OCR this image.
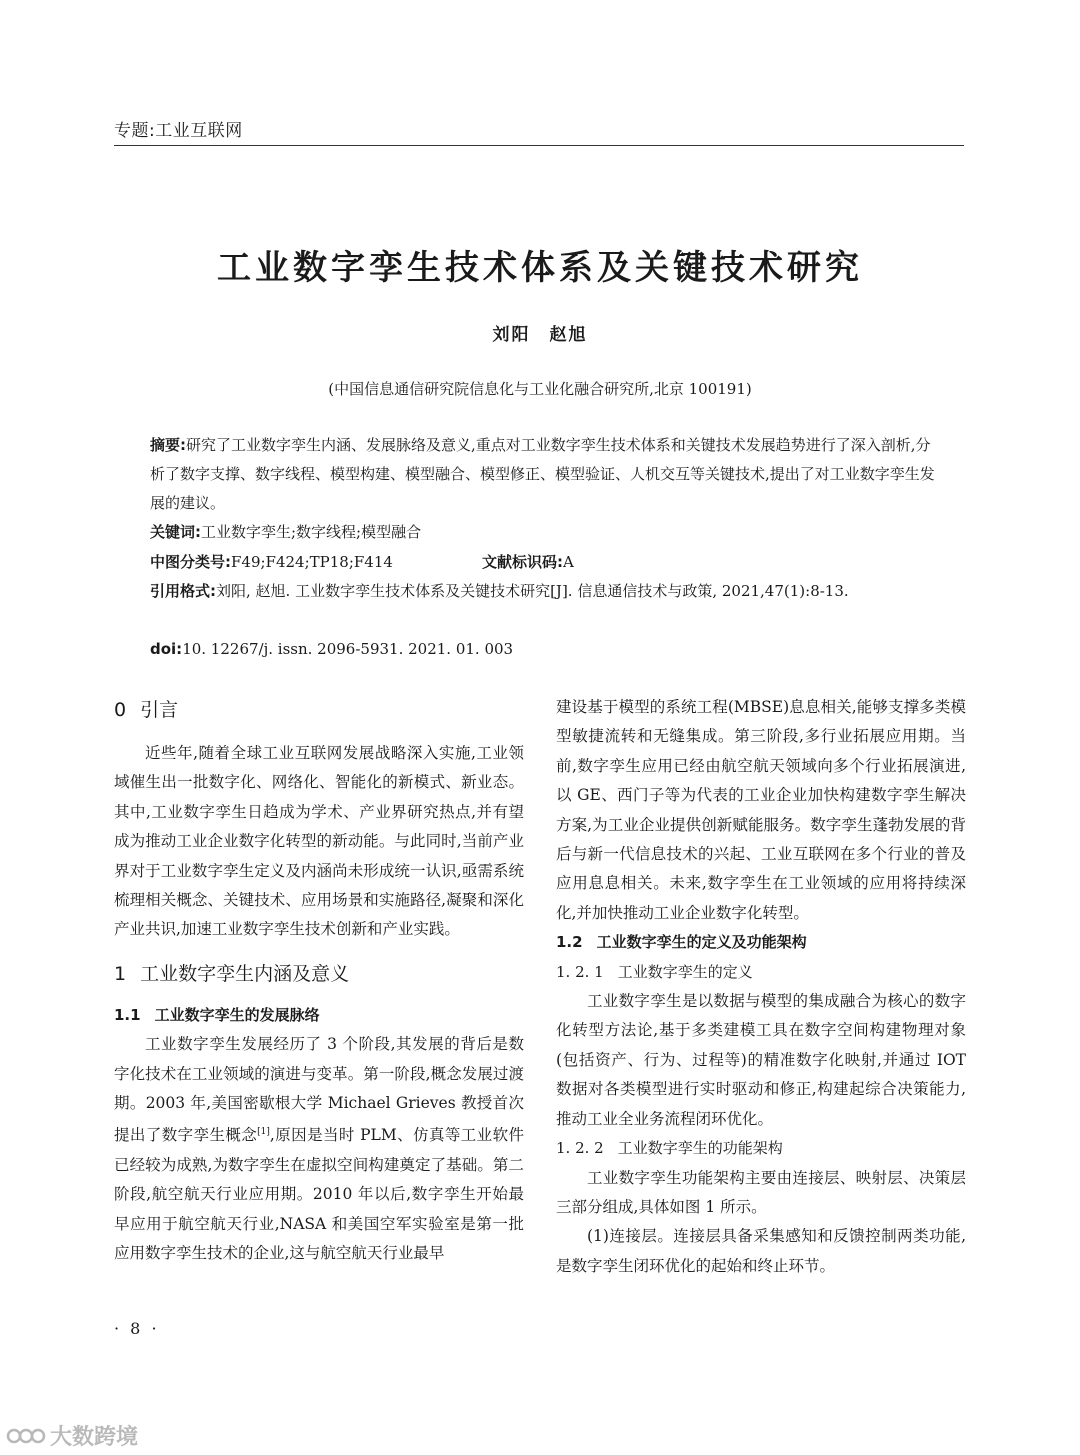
专题:工业互联网
工业数字孪生技术体系及关键技术研究
刘阳　赵旭
(中国信息通信研究院信息化与工业化融合研究所,北京 100191)
摘要:研究了工业数字孪生内涵、发展脉络及意义,重点对工业数字孪生技术体系和关键技术发展趋势进行了深入剖析,分析了数字支撑、数字线程、模型构建、模型融合、模型修正、模型验证、人机交互等关键技术,提出了对工业数字孪生发展的建议。
关键词:工业数字孪生;数字线程;模型融合
中图分类号:F49;F424;TP18;F414	文献标识码:A
引用格式:刘阳, 赵旭. 工业数字孪生技术体系及关键技术研究[J]. 信息通信技术与政策, 2021,47(1):8-13.
doi:10. 12267/j. issn. 2096-5931. 2021. 01. 003
0 引言

近些年,随着全球工业互联网发展战略深入实施,工业领域催生出一批数字化、网络化、智能化的新模式、新业态。其中,工业数字孪生日趋成为学术、产业界研究热点,并有望成为推动工业企业数字化转型的新动能。与此同时,当前产业界对于工业数字孪生定义及内涵尚未形成统一认识,亟需系统梳理相关概念、关键技术、应用场景和实施路径,凝聚和深化产业共识,加速工业数字孪生技术创新和产业实践。

1 工业数字孪生内涵及意义
1.1 工业数字孪生的发展脉络

工业数字孪生发展经历了 3 个阶段,其发展的背后是数字化技术在工业领域的演进与变革。第一阶段,概念发展过渡期。2003 年,美国密歇根大学 Michael Grieves 教授首次提出了数字孪生概念[1],原因是当时 PLM、仿真等工业软件已经较为成熟,为数字孪生在虚拟空间构建奠定了基础。第二阶段,航空航天行业应用期。2010 年以后,数字孪生开始最早应用于航空航天行业,NASA 和美国空军实验室是第一批应用数字孪生技术的企业,这与航空航天行业最早

建设基于模型的系统工程(MBSE)息息相关,能够支撑多类模型敏捷流转和无缝集成。第三阶段,多行业拓展应用期。当前,数字孪生应用已经由航空航天领域向多个行业拓展演进,以 GE、西门子等为代表的工业企业加快构建数字孪生解决方案,为工业企业提供创新赋能服务。数字孪生蓬勃发展的背后与新一代信息技术的兴起、工业互联网在多个行业的普及应用息息相关。未来,数字孪生在工业领域的应用将持续深化,并加快推动工业企业数字化转型。

1.2 工业数字孪生的定义及功能架构
1. 2. 1 工业数字孪生的定义

工业数字孪生是以数据与模型的集成融合为核心的数字化转型方法论,基于多类建模工具在数字空间构建物理对象(包括资产、行为、过程等)的精准数字化映射,并通过 IOT 数据对各类模型进行实时驱动和修正,构建起综合决策能力,推动工业全业务流程闭环优化。

1. 2. 2 工业数字孪生的功能架构

工业数字孪生功能架构主要由连接层、映射层、决策层三部分组成,具体如图 1 所示。

(1)连接层。连接层具备采集感知和反馈控制两类功能,是数字孪生闭环优化的起始和终止环节。

· 8 ·
大数跨境
